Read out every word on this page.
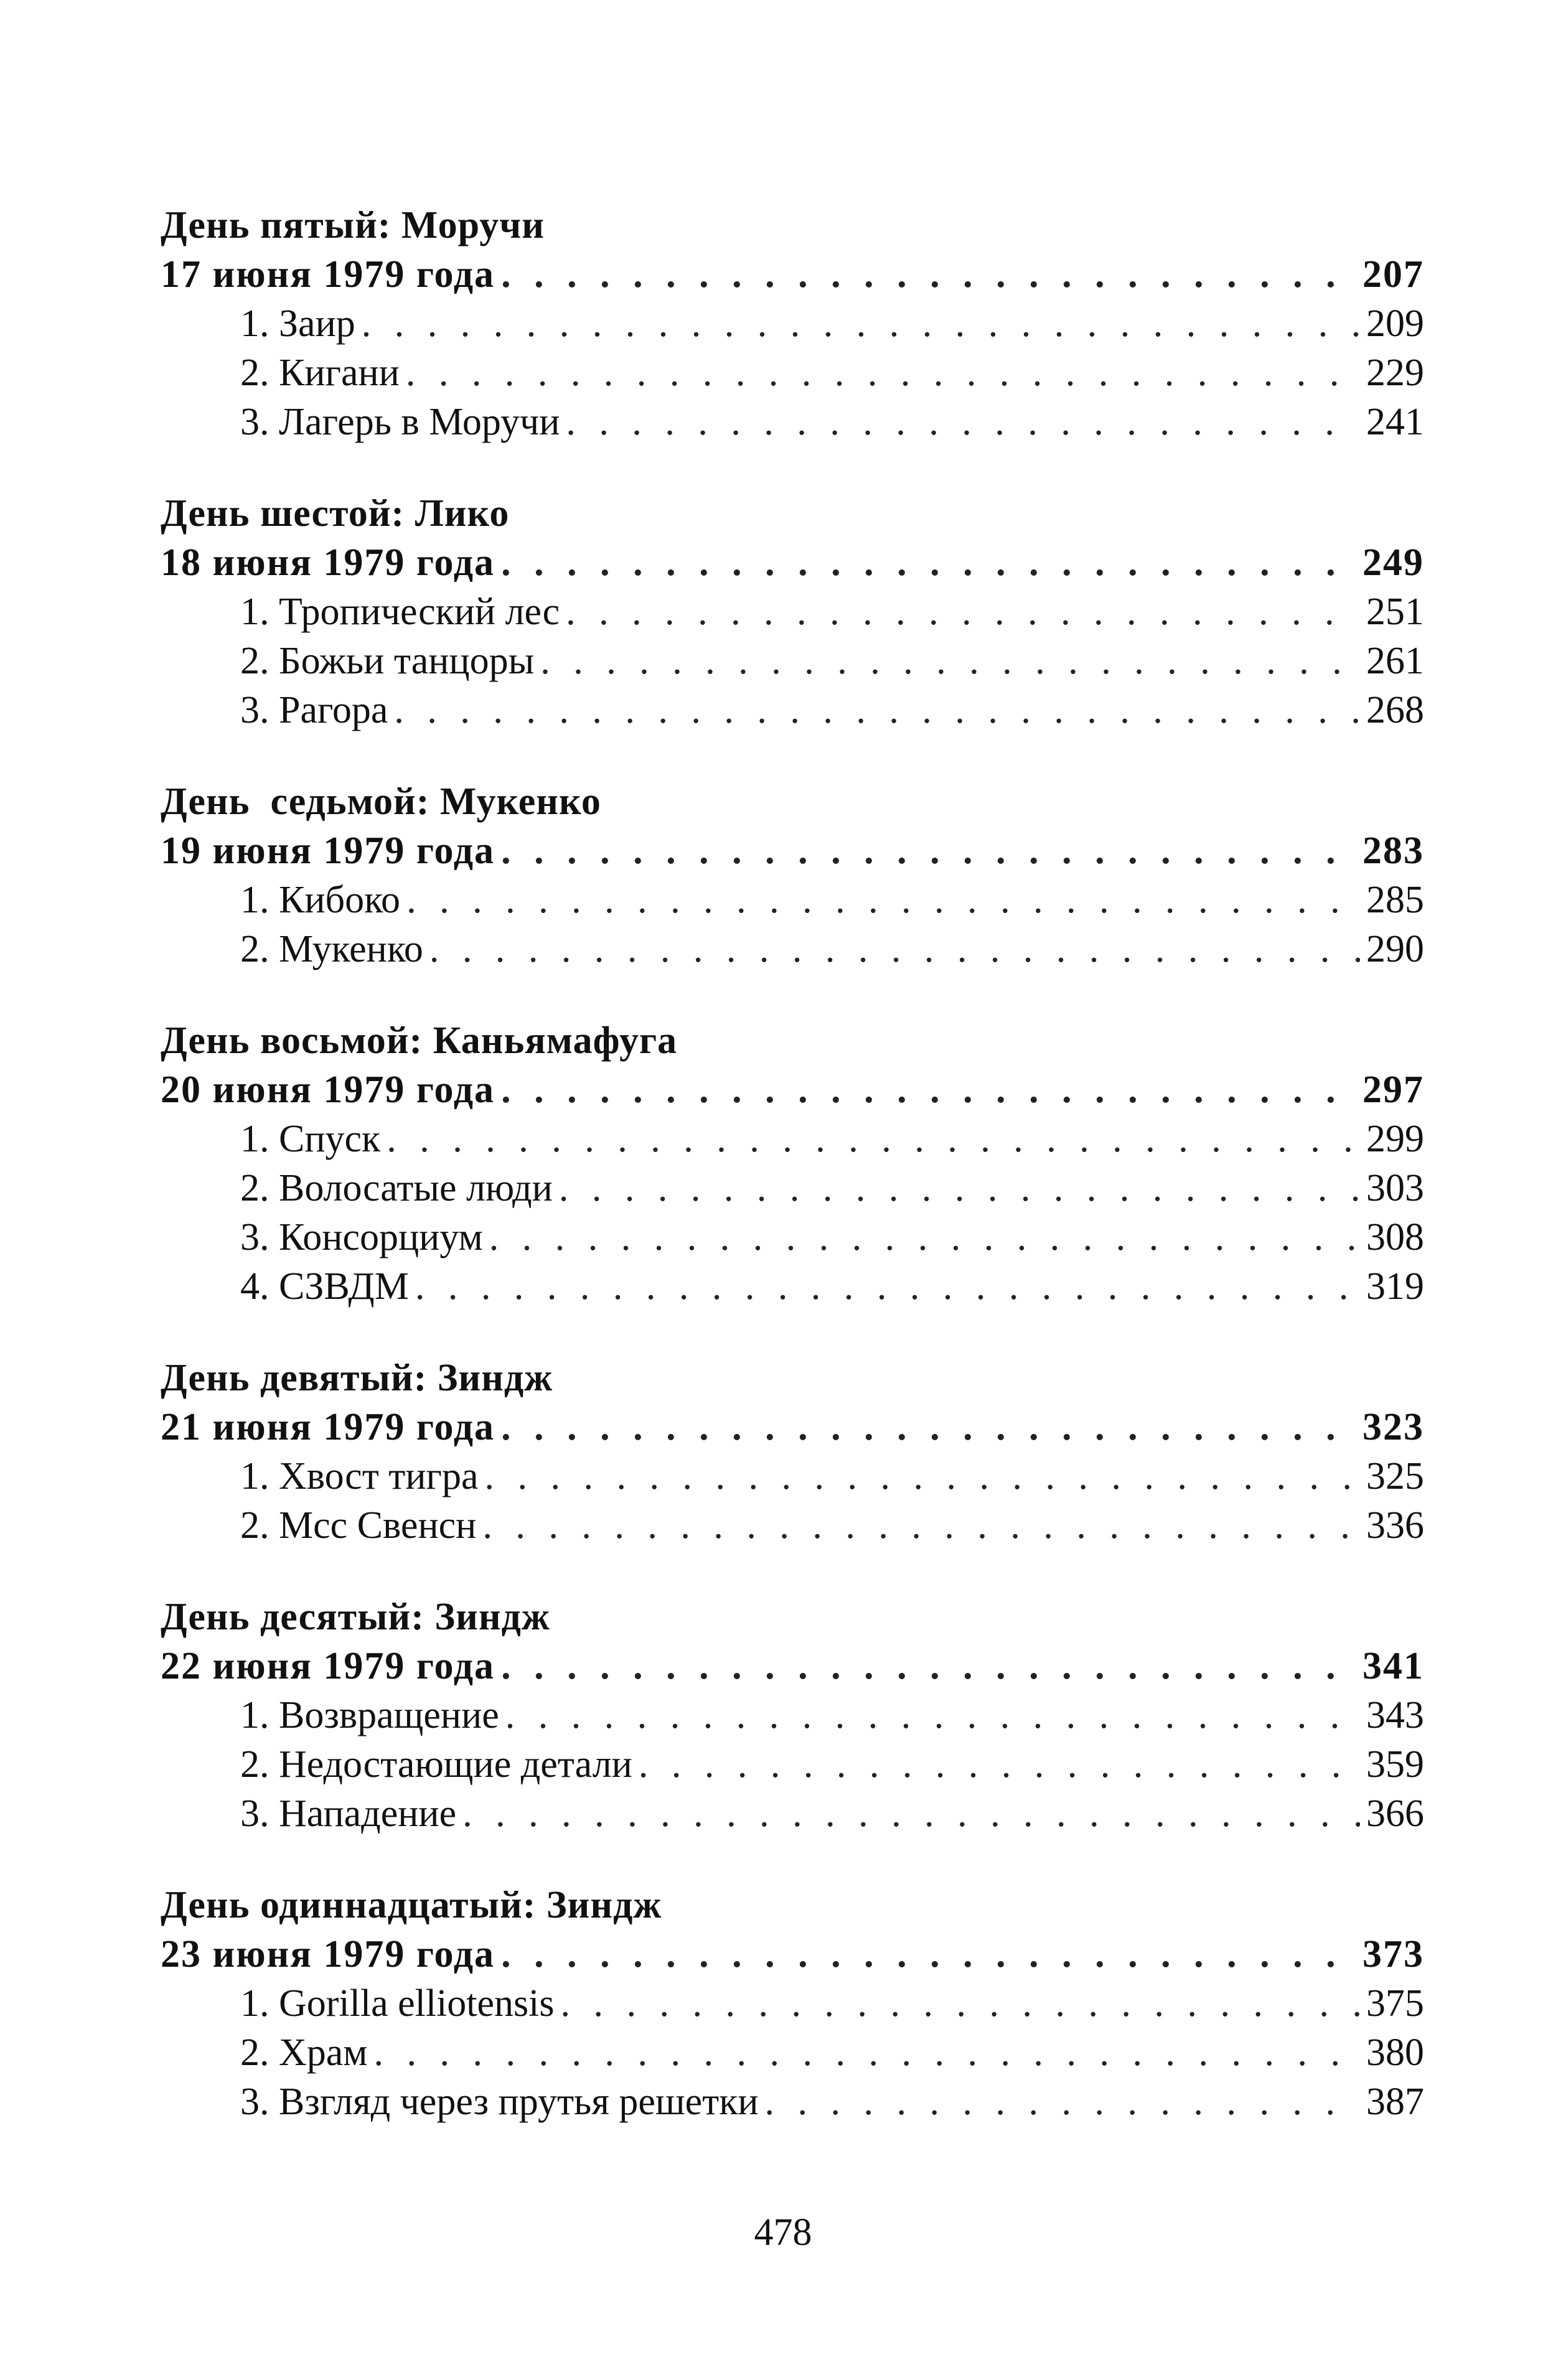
День пятый: Моручи
17 июня 1979 года . . .	207
1. Заир . . .	209
2. Кигани . . .	229
3. Лагерь в Моручи . . .	241
День шестой: Лико
18 июня 1979 года . . .	249
1. Тропический лес . . .	251
2. Божьи танцоры . . .	261
3. Рагора . . .	268
День  седьмой: Мукенко
19 июня 1979 года . . .	283
1. Кибоко . . .	285
2. Мукенко . . .	290
День восьмой: Каньямафуга
20 июня 1979 года . . .	297
1. Спуск . . .	299
2. Волосатые люди . . .	303
3. Консорциум . . .	308
4. СЗВДМ . . .	319
День девятый: Зиндж
21 июня 1979 года . . .	323
1. Хвост тигра . . .	325
2. Мсс Свенсн . . .	336
День десятый: Зиндж
22 июня 1979 года . . .	341
1. Возвращение . . .	343
2. Недостающие детали . . .	359
3. Нападение . . .	366
День одиннадцатый: Зиндж
23 июня 1979 года . . .	373
1. Gorilla elliotensis . . .	375
2. Храм . . .	380
3. Взгляд через прутья решетки . . .	387
478
